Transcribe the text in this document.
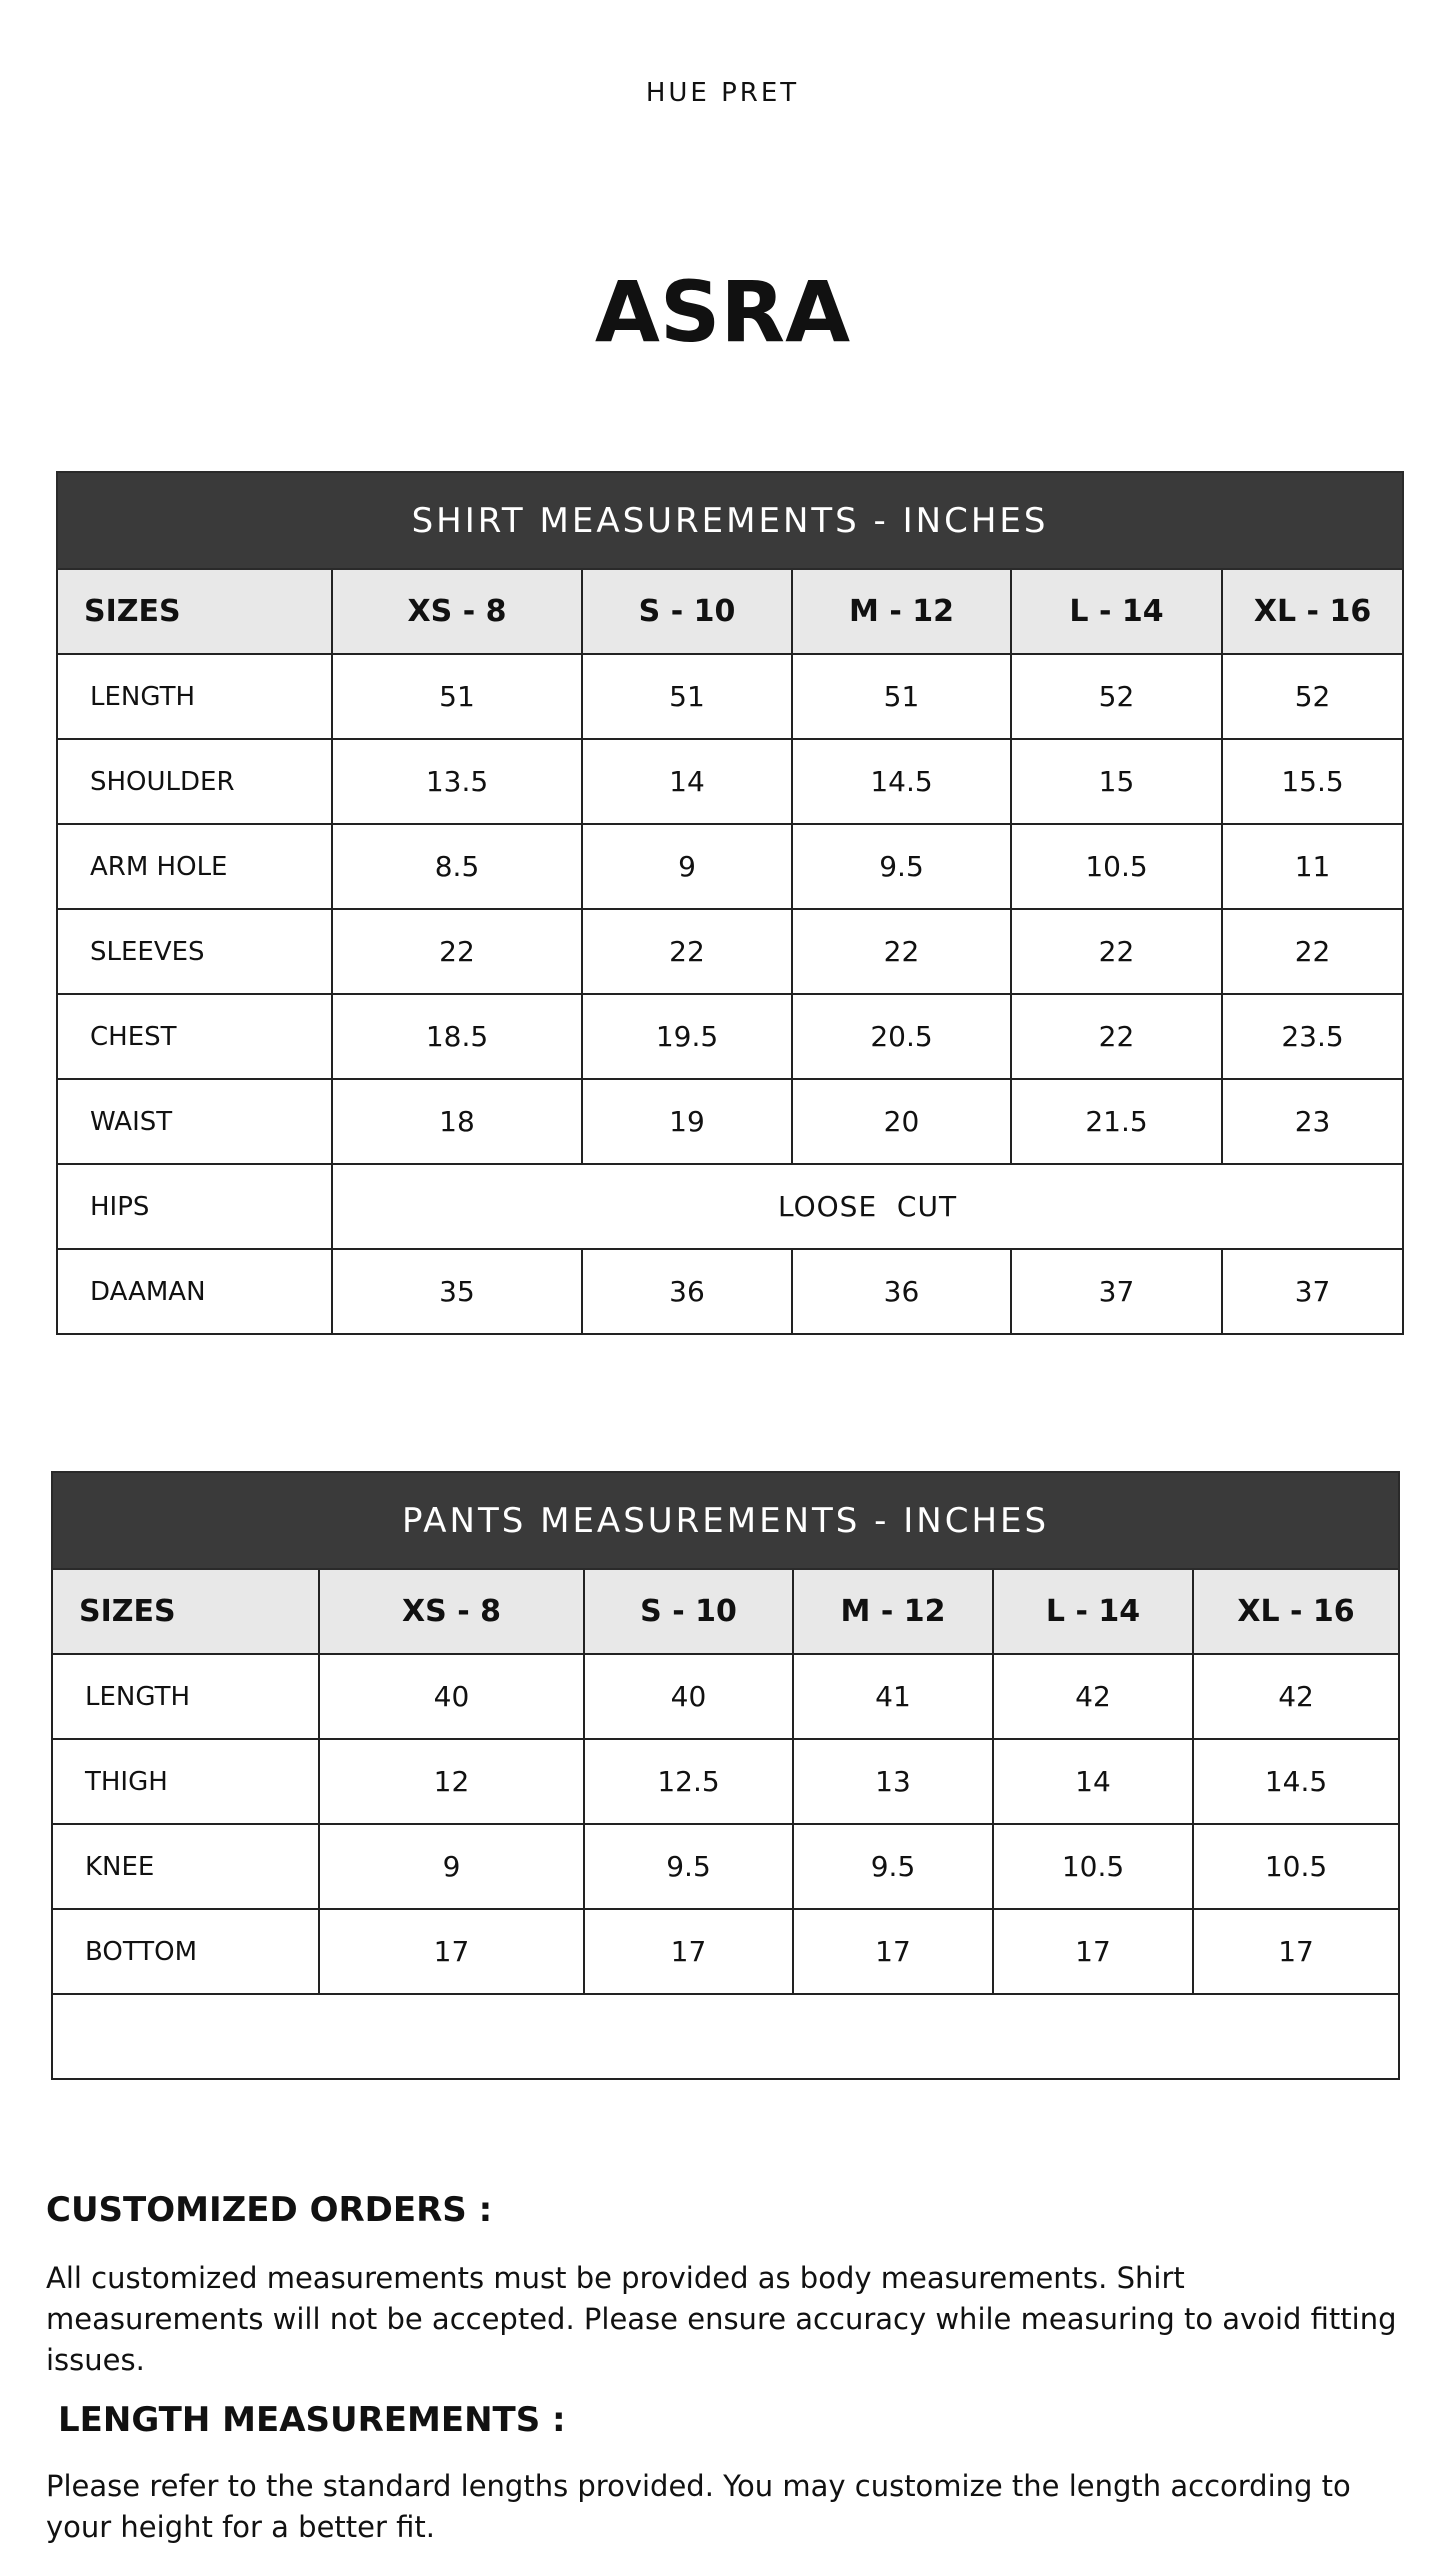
HUE PRET
ASRA
SHIRT MEASUREMENTS - INCHES					
SIZES	XS - 8	S - 10	M - 12	L - 14	XL - 16
LENGTH	51	51	51	52	52
SHOULDER	13.5	14	14.5	15	15.5
ARM HOLE	8.5	9	9.5	10.5	11
SLEEVES	22	22	22	22	22
CHEST	18.5	19.5	20.5	22	23.5
WAIST	18	19	20	21.5	23
HIPS	LOOSE  CUT				
DAAMAN	35	36	36	37	37
PANTS MEASUREMENTS - INCHES					
SIZES	XS - 8	S - 10	M - 12	L - 14	XL - 16
LENGTH	40	40	41	42	42
THIGH	12	12.5	13	14	14.5
KNEE	9	9.5	9.5	10.5	10.5
BOTTOM	17	17	17	17	17

CUSTOMIZED ORDERS :

All customized measurements must be provided as body measurements. Shirt measurements will not be accepted. Please ensure accuracy while measuring to avoid fitting issues.

LENGTH MEASUREMENTS :

Please refer to the standard lengths provided. You may customize the length according to your height for a better fit.
